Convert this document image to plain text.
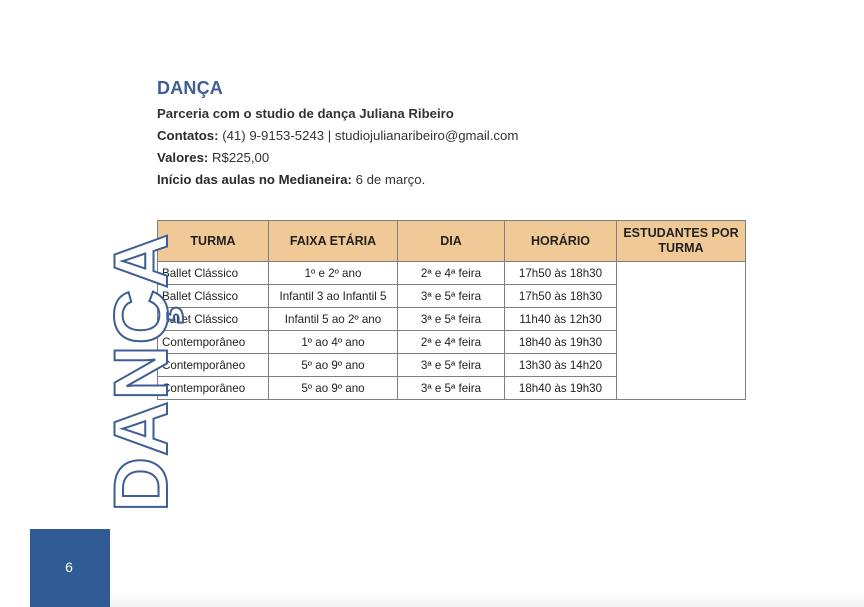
DANÇA
Parceria com o studio de dança Juliana Ribeiro
Contatos: (41) 9-9153-5243 | studiojulianaribeiro@gmail.com
Valores: R$225,00
Início das aulas no Medianeira: 6 de março.
TURMA	FAIXA ETÁRIA	DIA	HORÁRIO	ESTUDANTES POR TURMA
Ballet Clássico	1º e 2º ano	2ª e 4ª feira	17h50 às 18h30	
Ballet Clássico	Infantil 3 ao Infantil 5	3ª e 5ª feira	17h50 às 18h30	
Ballet Clássico	Infantil 5 ao 2º ano	3ª e 5ª feira	11h40 às 12h30	
Contemporâneo	1º ao 4º ano	2ª e 4ª feira	18h40 às 19h30	
Contemporâneo	5º ao 9º ano	3ª e 5ª feira	13h30 às 14h20	
Contemporâneo	5º ao 9º ano	3ª e 5ª feira	18h40 às 19h30	
DANÇA
6
